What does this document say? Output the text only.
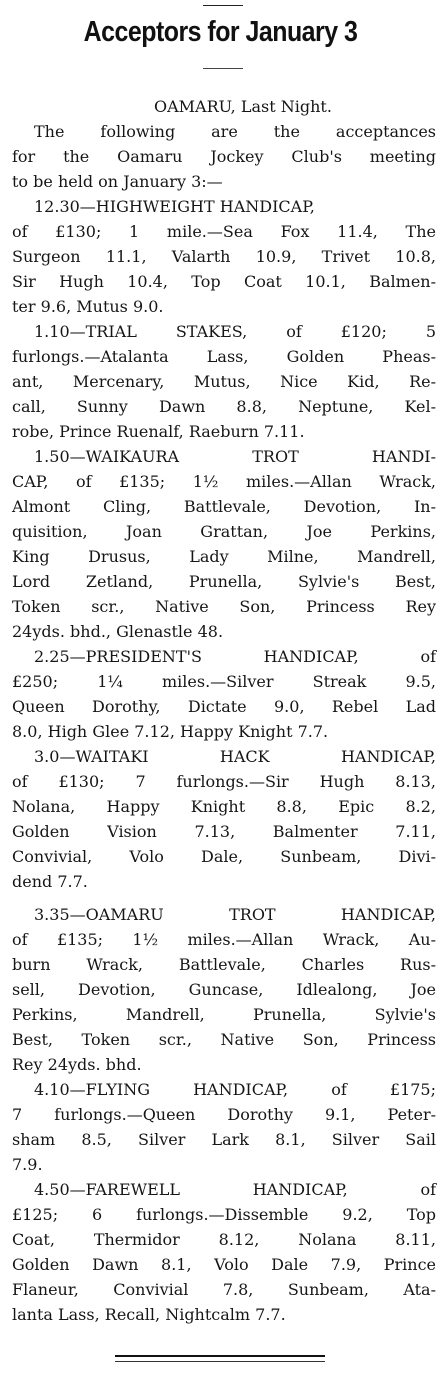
Acceptors for January 3
OAMARU, Last Night.
The following are the acceptances
for the Oamaru Jockey Club's meeting
to be held on January 3:—
12.30—HIGHWEIGHT HANDICAP,
of £130; 1 mile.—Sea Fox 11.4, The
Surgeon 11.1, Valarth 10.9, Trivet 10.8,
Sir Hugh 10.4, Top Coat 10.1, Balmen-
ter 9.6, Mutus 9.0.
1.10—TRIAL STAKES, of £120; 5
furlongs.—Atalanta Lass, Golden Pheas-
ant, Mercenary, Mutus, Nice Kid, Re-
call, Sunny Dawn 8.8, Neptune, Kel-
robe, Prince Ruenalf, Raeburn 7.11.
1.50—WAIKAURA TROT HANDI-
CAP, of £135; 1½ miles.—Allan Wrack,
Almont Cling, Battlevale, Devotion, In-
quisition, Joan Grattan, Joe Perkins,
King Drusus, Lady Milne, Mandrell,
Lord Zetland, Prunella, Sylvie's Best,
Token scr., Native Son, Princess Rey
24yds. bhd., Glenastle 48.
2.25—PRESIDENT'S HANDICAP, of
£250; 1¼ miles.—Silver Streak 9.5,
Queen Dorothy, Dictate 9.0, Rebel Lad
8.0, High Glee 7.12, Happy Knight 7.7.
3.0—WAITAKI HACK HANDICAP,
of £130; 7 furlongs.—Sir Hugh 8.13,
Nolana, Happy Knight 8.8, Epic 8.2,
Golden Vision 7.13, Balmenter 7.11,
Convivial, Volo Dale, Sunbeam, Divi-
dend 7.7.
3.35—OAMARU TROT HANDICAP,
of £135; 1½ miles.—Allan Wrack, Au-
burn Wrack, Battlevale, Charles Rus-
sell, Devotion, Guncase, Idlealong, Joe
Perkins, Mandrell, Prunella, Sylvie's
Best, Token scr., Native Son, Princess
Rey 24yds. bhd.
4.10—FLYING HANDICAP, of £175;
7 furlongs.—Queen Dorothy 9.1, Peter-
sham 8.5, Silver Lark 8.1, Silver Sail
7.9.
4.50—FAREWELL HANDICAP, of
£125; 6 furlongs.—Dissemble 9.2, Top
Coat, Thermidor 8.12, Nolana 8.11,
Golden Dawn 8.1, Volo Dale 7.9, Prince
Flaneur, Convivial 7.8, Sunbeam, Ata-
lanta Lass, Recall, Nightcalm 7.7.
